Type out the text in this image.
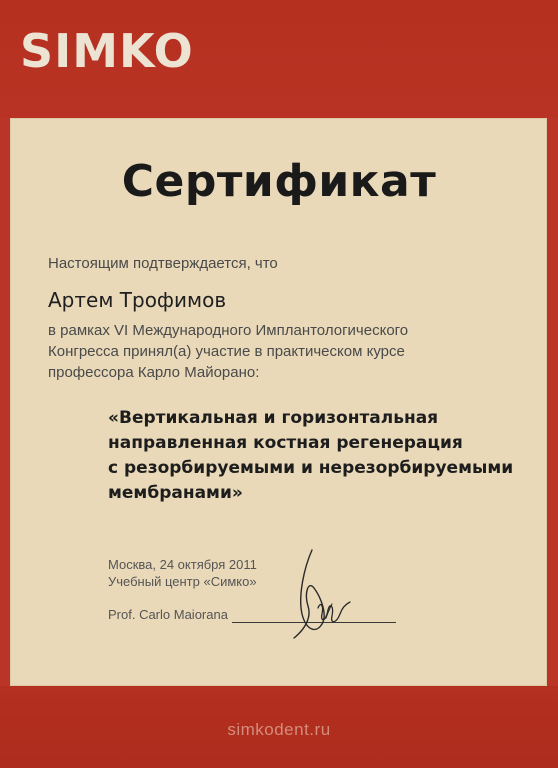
SIMKO
Сертификат
Настоящим подтверждается, что
Артем Трофимов
в рамках VI Международного Имплантологического
Конгресса принял(а) участие в практическом курсе
профессора Карло Майорано:
«Вертикальная и горизонтальная
направленная костная регенерация
с резорбируемыми и нерезорбируемыми
мембранами»
Москва, 24 октября 2011
Учебный центр «Симко»
Prof. Carlo Maiorana
simkodent.ru
